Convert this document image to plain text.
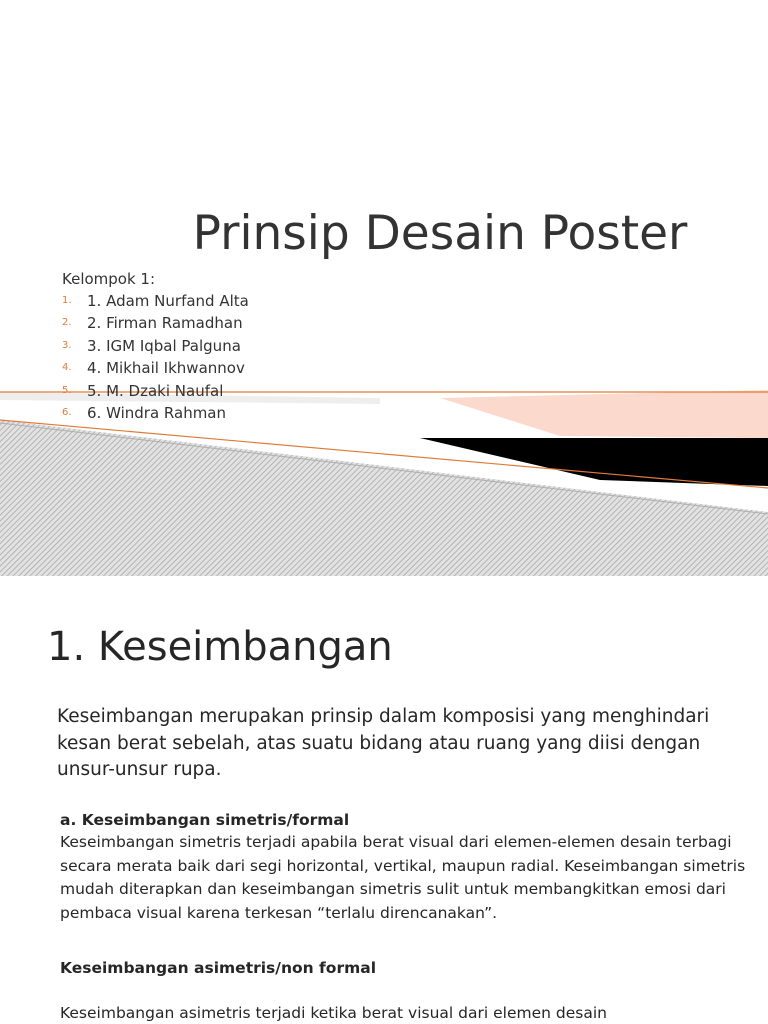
Prinsip Desain Poster
Kelompok 1:
1. 1. Adam Nurfand Alta
2. 2. Firman Ramadhan
3. 3. IGM Iqbal Palguna
4. 4. Mikhail Ikhwannov
5. 5. M. Dzaki Naufal
6. 6. Windra Rahman
1. Keseimbangan
Keseimbangan merupakan prinsip dalam komposisi yang menghindari kesan berat sebelah, atas suatu bidang atau ruang yang diisi dengan unsur-unsur rupa.
a. Keseimbangan simetris/formal
Keseimbangan simetris terjadi apabila berat visual dari elemen-elemen desain terbagi secara merata baik dari segi horizontal, vertikal, maupun radial. Keseimbangan simetris mudah diterapkan dan keseimbangan simetris sulit untuk membangkitkan emosi dari pembaca visual karena terkesan “terlalu direncanakan”.
Keseimbangan asimetris/non formal
Keseimbangan asimetris terjadi ketika berat visual dari elemen desain
